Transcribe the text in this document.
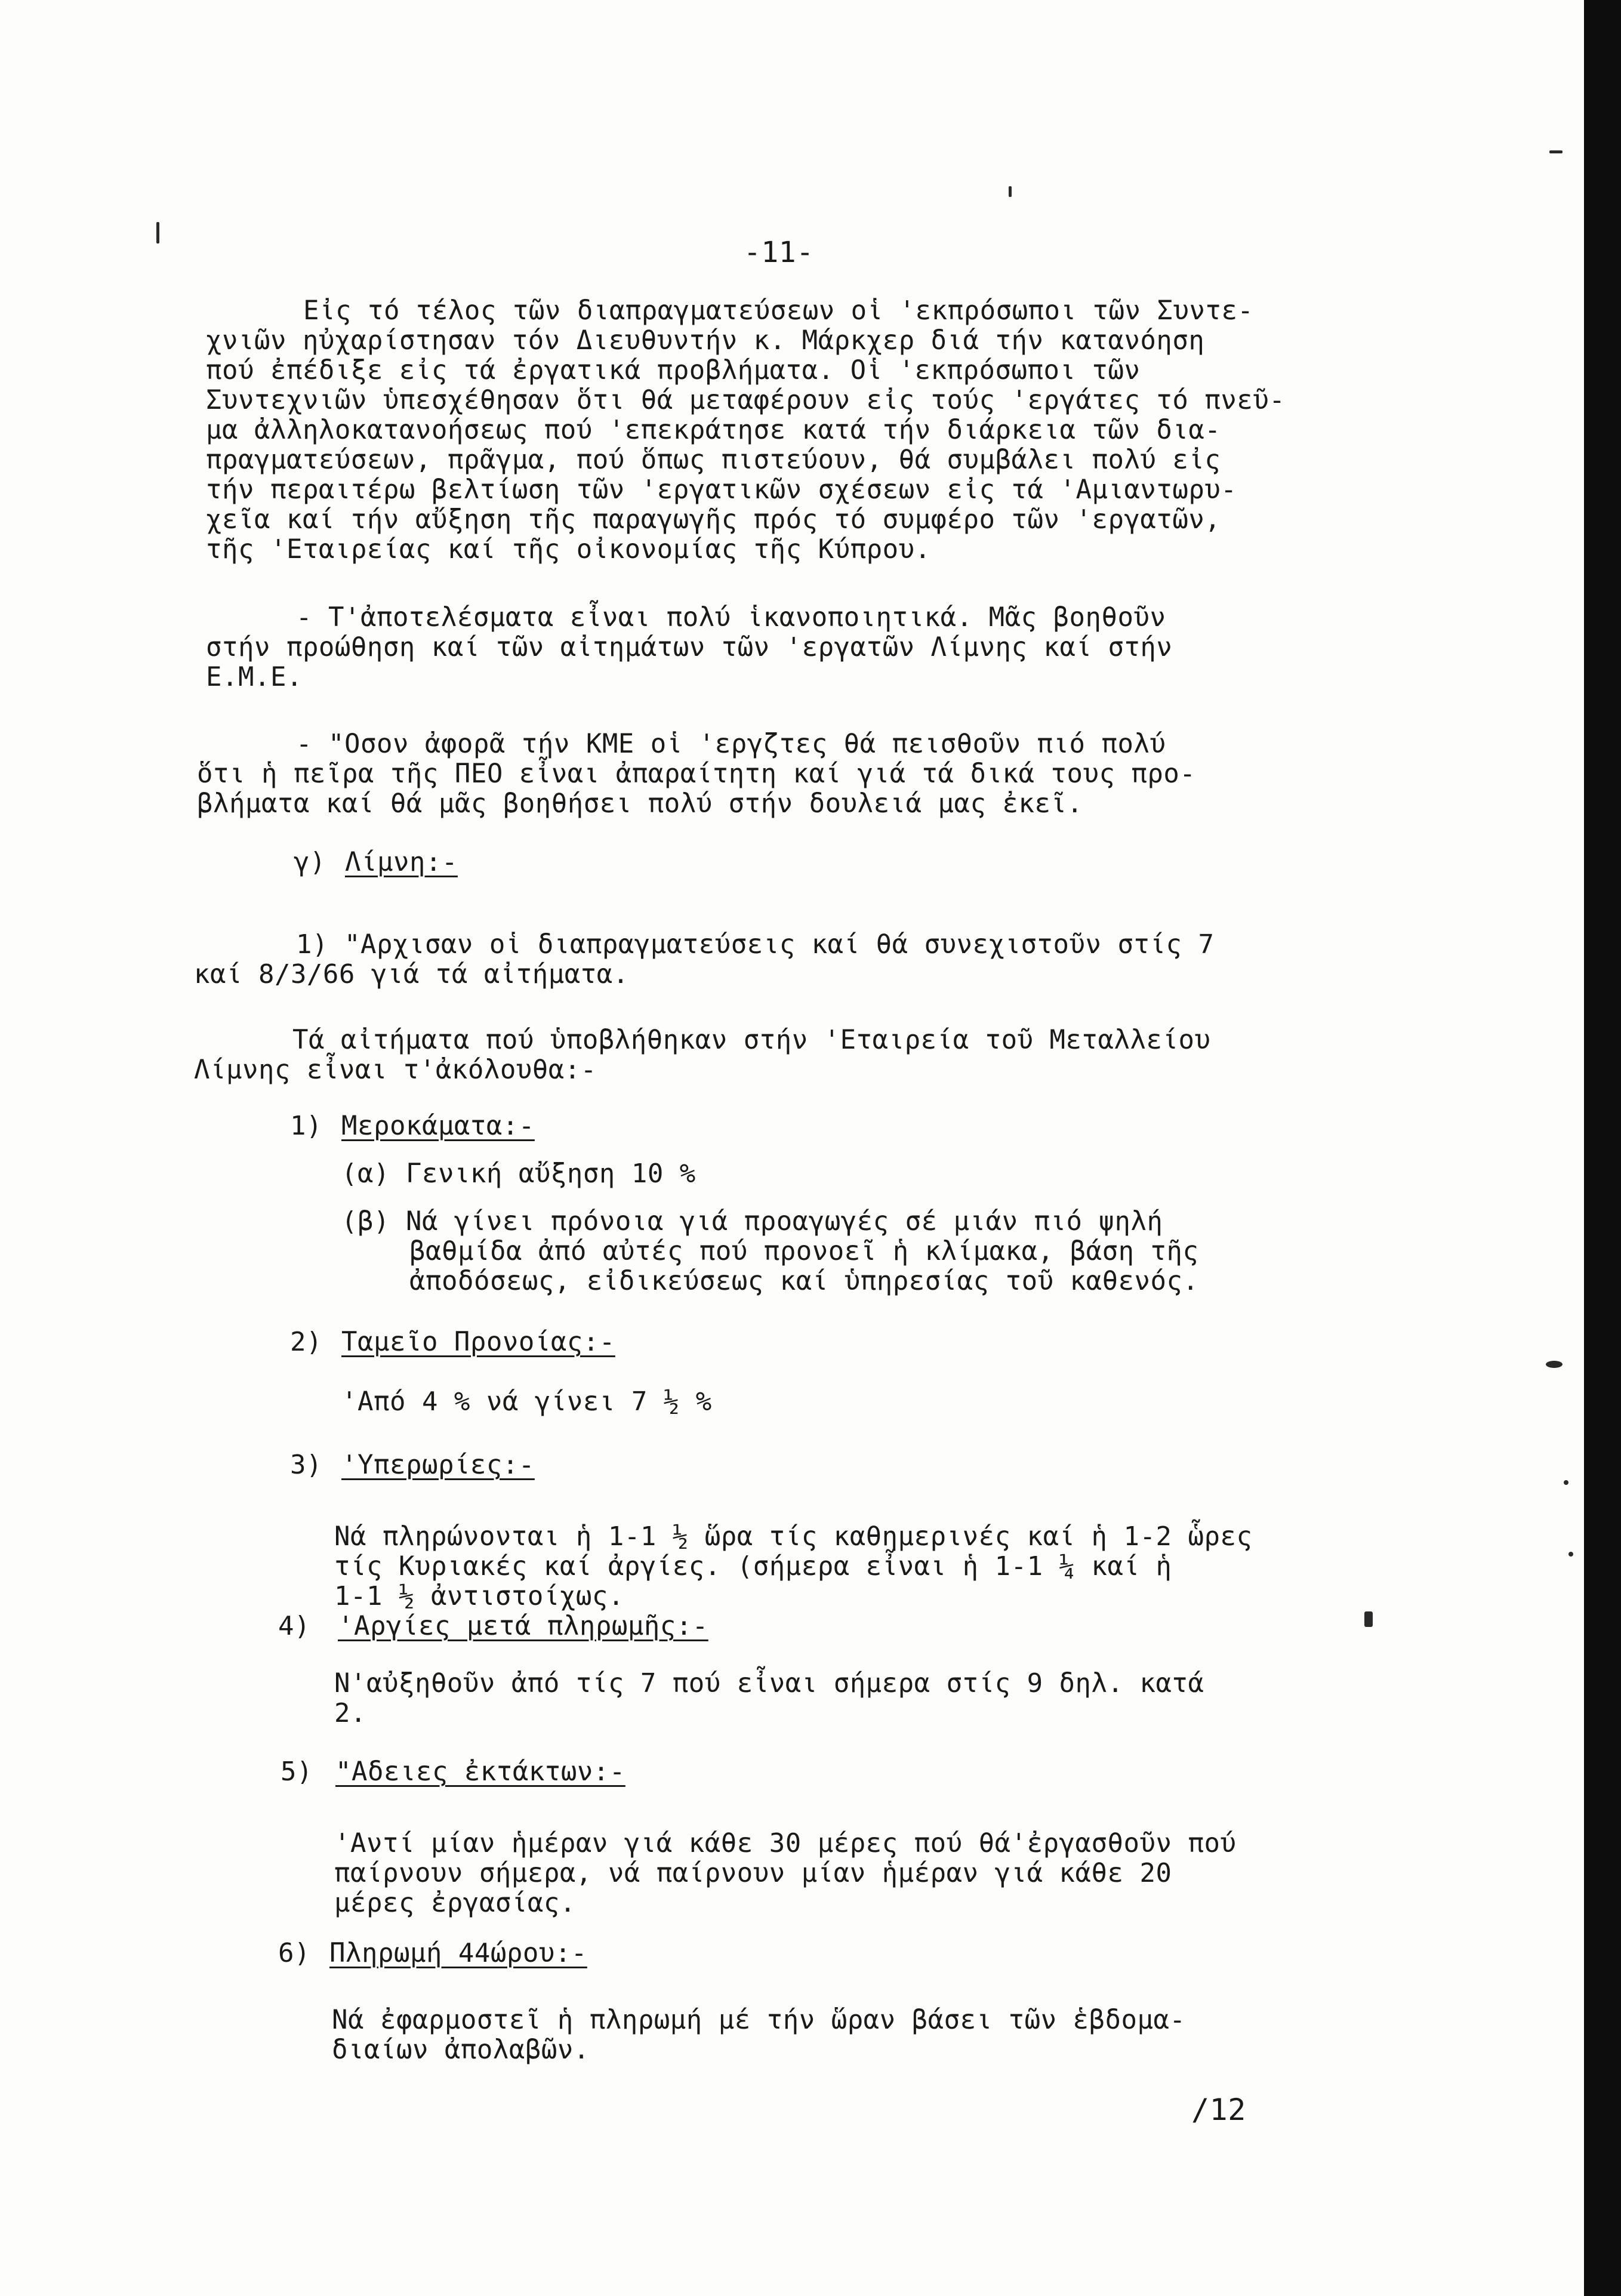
-11-
Εἰς τό τέλος τῶν διαπραγματεύσεων οἱ 'εκπρόσωποι τῶν Συντε-
χνιῶν ηὐχαρίστησαν τόν Διευθυντήν κ. Μάρκχερ διά τήν κατανόηση
πού ἐπέδιξε εἰς τά ἐργατικά προβλήματα. Οἱ 'εκπρόσωποι τῶν
Συντεχνιῶν ὑπεσχέθησαν ὅτι θά μεταφέρουν εἰς τούς 'εργάτες τό πνεῦ-
μα ἀλληλοκατανοήσεως πού 'επεκράτησε κατά τήν διάρκεια τῶν δια-
πραγματεύσεων, πρᾶγμα, πού ὅπως πιστεύουν, θά συμβάλει πολύ εἰς
τήν περαιτέρω βελτίωση τῶν 'εργατικῶν σχέσεων εἰς τά 'Αμιαντωρυ-
χεῖα καί τήν αὔξηση τῆς παραγωγῆς πρός τό συμφέρο τῶν 'εργατῶν,
τῆς 'Εταιρείας καί τῆς οἰκονομίας τῆς Κύπρου.
- Τ'ἀποτελέσματα εἶναι πολύ ἱκανοποιητικά. Μᾶς βοηθοῦν
στήν προώθηση καί τῶν αἰτημάτων τῶν 'εργατῶν Λίμνης καί στήν
Ε.Μ.Ε.
- "Οσον ἀφορᾶ τήν ΚΜΕ οἱ 'εργζτες θά πεισθοῦν πιό πολύ
ὅτι ἡ πεῖρα τῆς ΠΕΟ εἶναι ἀπαραίτητη καί γιά τά δικά τους προ-
βλήματα καί θά μᾶς βοηθήσει πολύ στήν δουλειά μας ἐκεῖ.
γ) Λίμνη:-
1) "Αρχισαν οἱ διαπραγματεύσεις καί θά συνεχιστοῦν στίς 7
καί 8/3/66 γιά τά αἰτήματα.
Τά αἰτήματα πού ὑποβλήθηκαν στήν 'Εταιρεία τοῦ Μεταλλείου
Λίμνης εἶναι τ'ἀκόλουθα:-
1) Μεροκάματα:-
(α) Γενική αὔξηση 10 %
(β) Νά γίνει πρόνοια γιά προαγωγές σέ μιάν πιό ψηλή
βαθμίδα ἀπό αὐτές πού προνοεῖ ἡ κλίμακα, βάση τῆς
ἀποδόσεως, εἰδικεύσεως καί ὑπηρεσίας τοῦ καθενός.
2) Ταμεῖο Προνοίας:-
'Από 4 % νά γίνει 7 ½ %
3) 'Υπερωρίες:-
Νά πληρώνονται ἡ 1-1 ½ ὥρα τίς καθημερινές καί ἡ 1-2 ὧρες
τίς Κυριακές καί ἀργίες. (σήμερα εἶναι ἡ 1-1 ¼ καί ἡ
1-1 ½ ἀντιστοίχως.
4) 'Αργίες μετά πληρωμῆς:-
Ν'αὐξηθοῦν ἀπό τίς 7 πού εἶναι σήμερα στίς 9 δηλ. κατά
2.
5) "Αδειες ἐκτάκτων:-
'Αντί μίαν ἡμέραν γιά κάθε 30 μέρες πού θά'ἐργασθοῦν πού
παίρνουν σήμερα, νά παίρνουν μίαν ἡμέραν γιά κάθε 20
μέρες ἐργασίας.
6) Πληρωμή 44ώρου:-
Νά ἐφαρμοστεῖ ἡ πληρωμή μέ τήν ὥραν βάσει τῶν ἑβδομα-
διαίων ἀπολαβῶν.
/12
